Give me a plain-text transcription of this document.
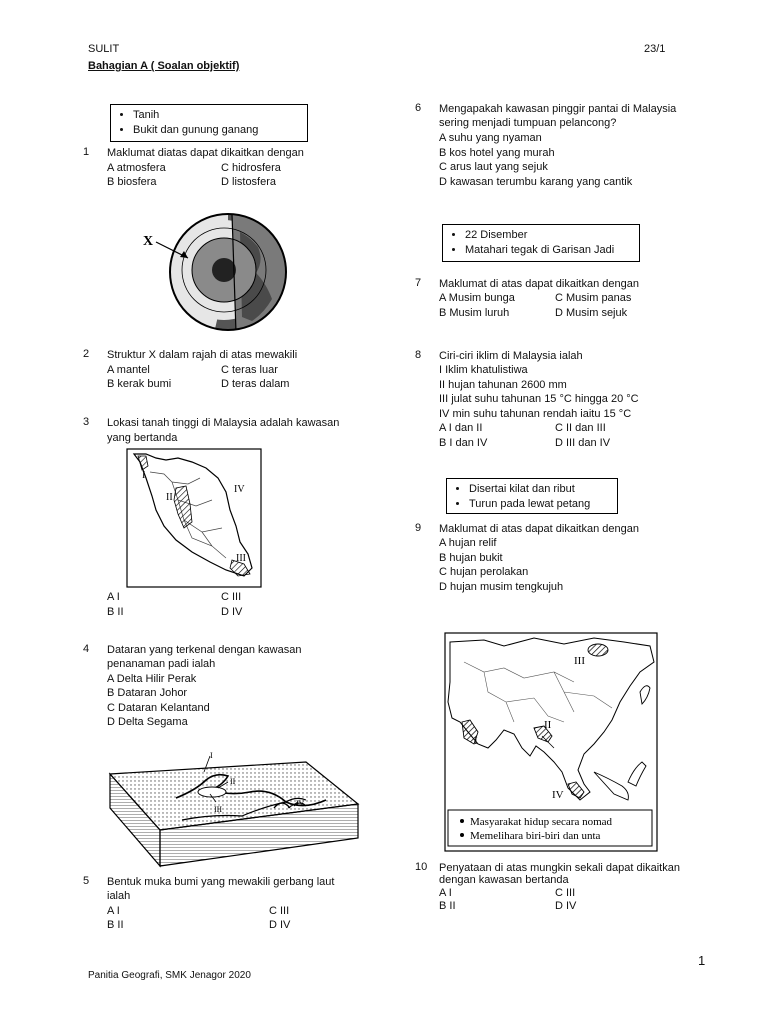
SULIT	23/1
Bahagian A ( Soalan objektif)
• Tanih
• Bukit dan gunung ganang
1 Maklumat diatas dapat dikaitkan dengan
A atmosfera	C hidrosfera
B biosfera	D listosfera
X
2 Struktur X dalam rajah di atas mewakili
A mantel	C teras luar
B kerak bumi	D teras dalam
3 Lokasi tanah tinggi di Malaysia adalah kawasan
yang bertanda
I
II
IV
III
A I	C III
B II	D IV
4 Dataran yang terkenal dengan kawasan
penanaman padi ialah
A Delta Hilir Perak
B Dataran Johor
C Dataran Kelantand
D Delta Segama
I
II
III
IV
5 Bentuk muka bumi yang mewakili gerbang laut
ialah
A I	C III
B II	D IV
6 Mengapakah kawasan pinggir pantai di Malaysia
sering menjadi tumpuan pelancong?
A suhu yang nyaman
B kos hotel yang murah
C arus laut yang sejuk
D kawasan terumbu karang yang cantik
• 22 Disember
• Matahari tegak di Garisan Jadi
7 Maklumat di atas dapat dikaitkan dengan
A Musim bunga	C Musim panas
B Musim luruh	D Musim sejuk
8 Ciri-ciri iklim di Malaysia ialah
I Iklim khatulistiwa
II hujan tahunan 2600 mm
III julat suhu tahunan 15 °C hingga 20 °C
IV min suhu tahunan rendah iaitu 15 °C
A I dan II	C II dan III
B I dan IV	D III dan IV
• Disertai kilat dan ribut
• Turun pada lewat petang
9 Maklumat di atas dapat dikaitkan dengan
A hujan relif
B hujan bukit
C hujan perolakan
D hujan musim tengkujuh
III
I
II
IV
Masyarakat hidup secara nomad
Memelihara biri-biri dan unta
10 Penyataan di atas mungkin sekali dapat dikaitkan
dengan kawasan bertanda
A I	C III
B II	D IV
1
Panitia Geografi, SMK Jenagor 2020
